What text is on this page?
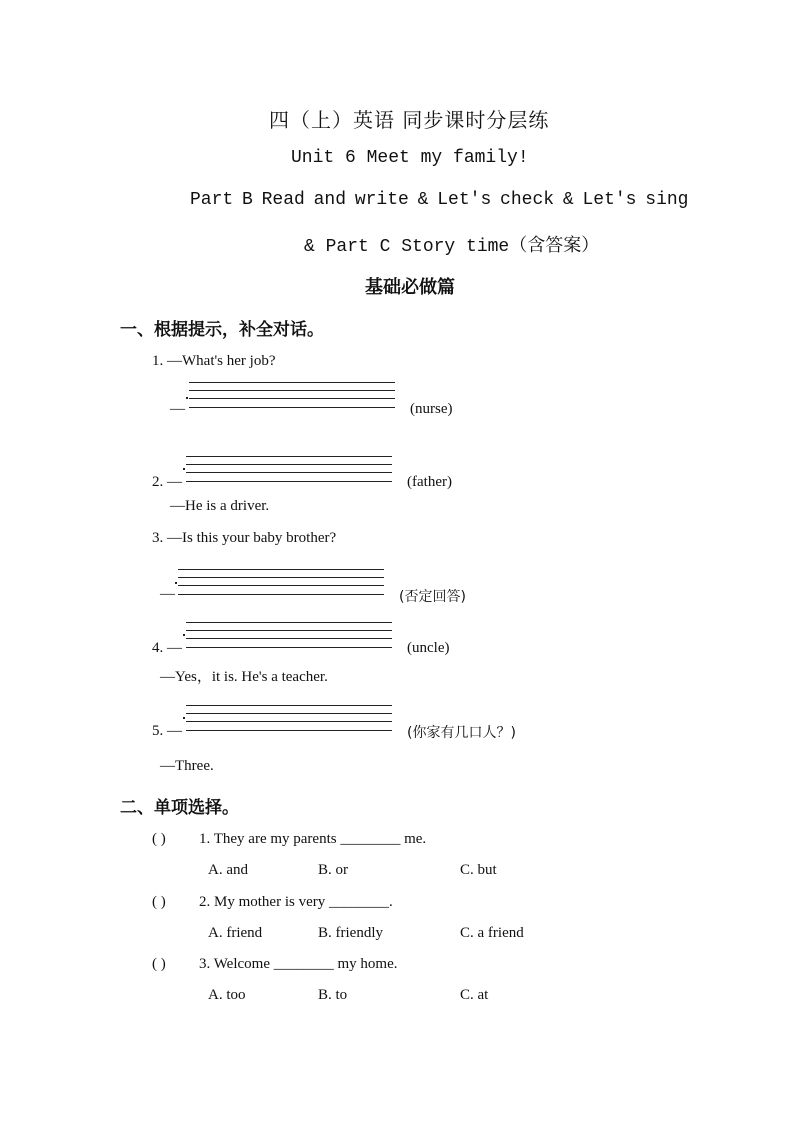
四（上）英语 同步课时分层练
Unit 6 Meet my family!
Part B Read and write & Let's check & Let's sing
& Part C Story time（含答案）
基础必做篇
一、根据提示，补全对话。
1. —What's her job?
—	(nurse)
2. —	(father)
—He is a driver.
3. —Is this your baby brother?
—	(否定回答)
4. —	(uncle)
—Yes，it is. He's a teacher.
5. —	(你家有几口人？)
—Three.
二、单项选择。
( ) 1. They are my parents ________ me.
A. and	B. or	C. but
( ) 2. My mother is very ________.
A. friend	B. friendly	C. a friend
( ) 3. Welcome ________ my home.
A. too	B. to	C. at
